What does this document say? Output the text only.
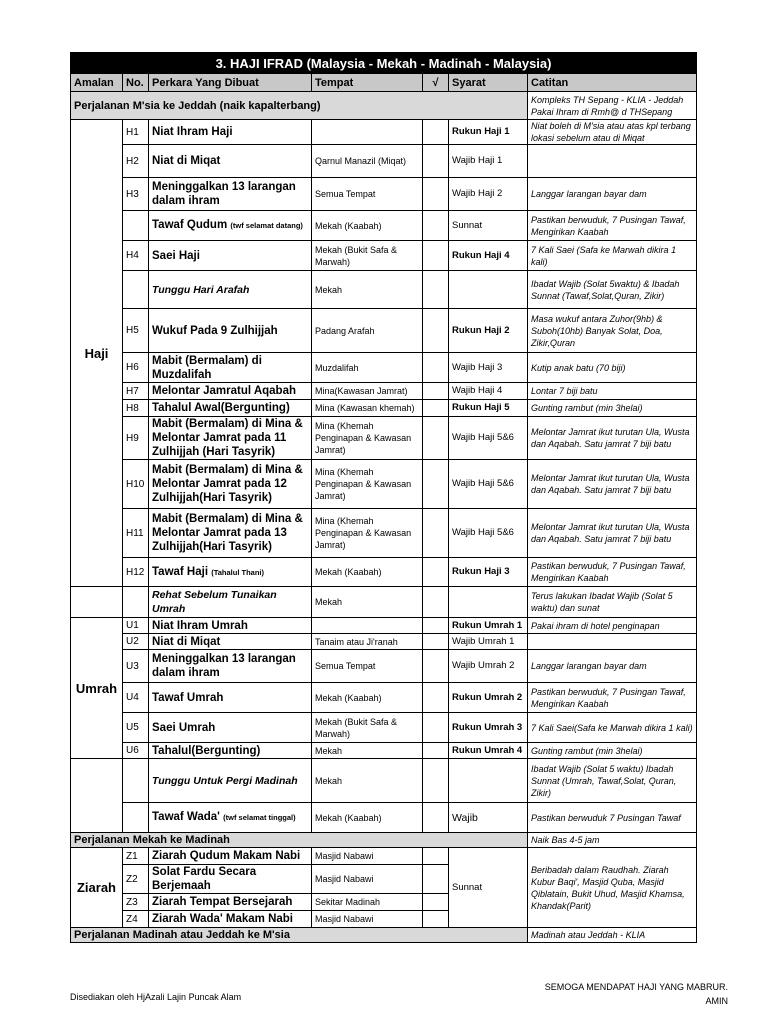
3. HAJI IFRAD (Malaysia - Mekah - Madinah - Malaysia)						
Amalan	No.	Perkara Yang Dibuat	Tempat	√	Syarat	Catitan
Perjalanan M'sia ke Jeddah (naik kapalterbang)						Kompleks TH Sepang - KLIA - Jeddah Pakai Ihram di Rmh@ d THSepang
Haji	H1	Niat Ihram Haji			Rukun Haji 1	Niat boleh di M'sia atau atas kpl terbang lokasi sebelum atau di Miqat
	H2	Niat di Miqat	Qarnul Manazil (Miqat)		Wajib Haji 1	
	H3	Meninggalkan 13 larangan dalam ihram	Semua Tempat		Wajib Haji 2	Langgar larangan bayar dam
		Tawaf Qudum (twf selamat datang)	Mekah (Kaabah)		Sunnat	Pastikan berwuduk, 7 Pusingan Tawaf, Mengirikan Kaabah
	H4	Saei Haji	Mekah (Bukit Safa & Marwah)		Rukun Haji 4	7 Kali Saei (Safa ke Marwah dikira 1 kali)
		Tunggu Hari Arafah	Mekah			Ibadat Wajib (Solat 5waktu) & Ibadah Sunnat (Tawaf,Solat,Quran, Zikir)
	H5	Wukuf Pada 9 Zulhijjah	Padang Arafah		Rukun Haji 2	Masa wukuf antara Zuhor(9hb) & Suboh(10hb) Banyak Solat, Doa, Zikir,Quran
	H6	Mabit (Bermalam) di Muzdalifah	Muzdalifah		Wajib Haji 3	Kutip anak batu (70 biji)
	H7	Melontar Jamratul Aqabah	Mina(Kawasan Jamrat)		Wajib Haji 4	Lontar 7 biji batu
	H8	Tahalul Awal(Bergunting)	Mina (Kawasan khemah)		Rukun Haji 5	Gunting rambut (min 3helai)
	H9	Mabit (Bermalam) di Mina & Melontar Jamrat pada 11 Zulhijjah (Hari Tasyrik)	Mina (Khemah Penginapan & Kawasan Jamrat)		Wajib Haji 5&6	Melontar Jamrat ikut turutan Ula, Wusta dan Aqabah. Satu jamrat 7 biji batu
	H10	Mabit (Bermalam) di Mina & Melontar Jamrat pada 12 Zulhijjah(Hari Tasyrik)	Mina (Khemah Penginapan & Kawasan Jamrat)		Wajib Haji 5&6	Melontar Jamrat ikut turutan Ula, Wusta dan Aqabah. Satu jamrat 7 biji batu
	H11	Mabit (Bermalam) di Mina & Melontar Jamrat pada 13 Zulhijjah(Hari Tasyrik)	Mina (Khemah Penginapan & Kawasan Jamrat)		Wajib Haji 5&6	Melontar Jamrat ikut turutan Ula, Wusta dan Aqabah. Satu jamrat 7 biji batu
	H12	Tawaf Haji (Tahalul Thani)	Mekah (Kaabah)		Rukun Haji 3	Pastikan berwuduk, 7 Pusingan Tawaf, Mengirikan Kaabah
		Rehat Sebelum Tunaikan Umrah	Mekah			Terus lakukan Ibadat Wajib (Solat 5 waktu) dan sunat
Umrah	U1	Niat Ihram Umrah			Rukun Umrah 1	Pakai ihram di hotel penginapan
	U2	Niat di Miqat	Tanaim atau Ji'ranah		Wajib Umrah 1	
	U3	Meninggalkan 13 larangan dalam ihram	Semua Tempat		Wajib Umrah 2	Langgar larangan bayar dam
	U4	Tawaf Umrah	Mekah (Kaabah)		Rukun Umrah 2	Pastikan berwuduk, 7 Pusingan Tawaf, Mengirikan Kaabah
	U5	Saei Umrah	Mekah (Bukit Safa & Marwah)		Rukun Umrah 3	7 Kali Saei(Safa ke Marwah dikira 1 kali)
	U6	Tahalul(Bergunting)	Mekah		Rukun Umrah 4	Gunting rambut (min 3helai)
		Tunggu Untuk Pergi Madinah	Mekah			Ibadat Wajib (Solat 5 waktu) Ibadah Sunnat (Umrah, Tawaf,Solat, Quran, Zikir)
		Tawaf Wada' (twf selamat tinggal)	Mekah (Kaabah)		Wajib	Pastikan berwuduk 7 Pusingan Tawaf
Perjalanan Mekah ke Madinah						Naik Bas 4-5 jam
Ziarah	Z1	Ziarah Qudum Makam Nabi	Masjid Nabawi		Sunnat	Beribadah dalam Raudhah. Ziarah Kubur Baqi', Masjid Quba, Masjid Qiblatain, Bukit Uhud, Masjid Khamsa, Khandak(Parit)
	Z2	Solat Fardu Secara Berjemaah	Masjid Nabawi			
	Z3	Ziarah Tempat Bersejarah	Sekitar Madinah			
	Z4	Ziarah Wada' Makam Nabi	Masjid Nabawi			
Perjalanan Madinah atau Jeddah ke M'sia						Madinah atau Jeddah - KLIA
Disediakan oleh HjAzali Lajin Puncak Alam
SEMOGA MENDAPAT HAJI YANG MABRUR.
AMIN
